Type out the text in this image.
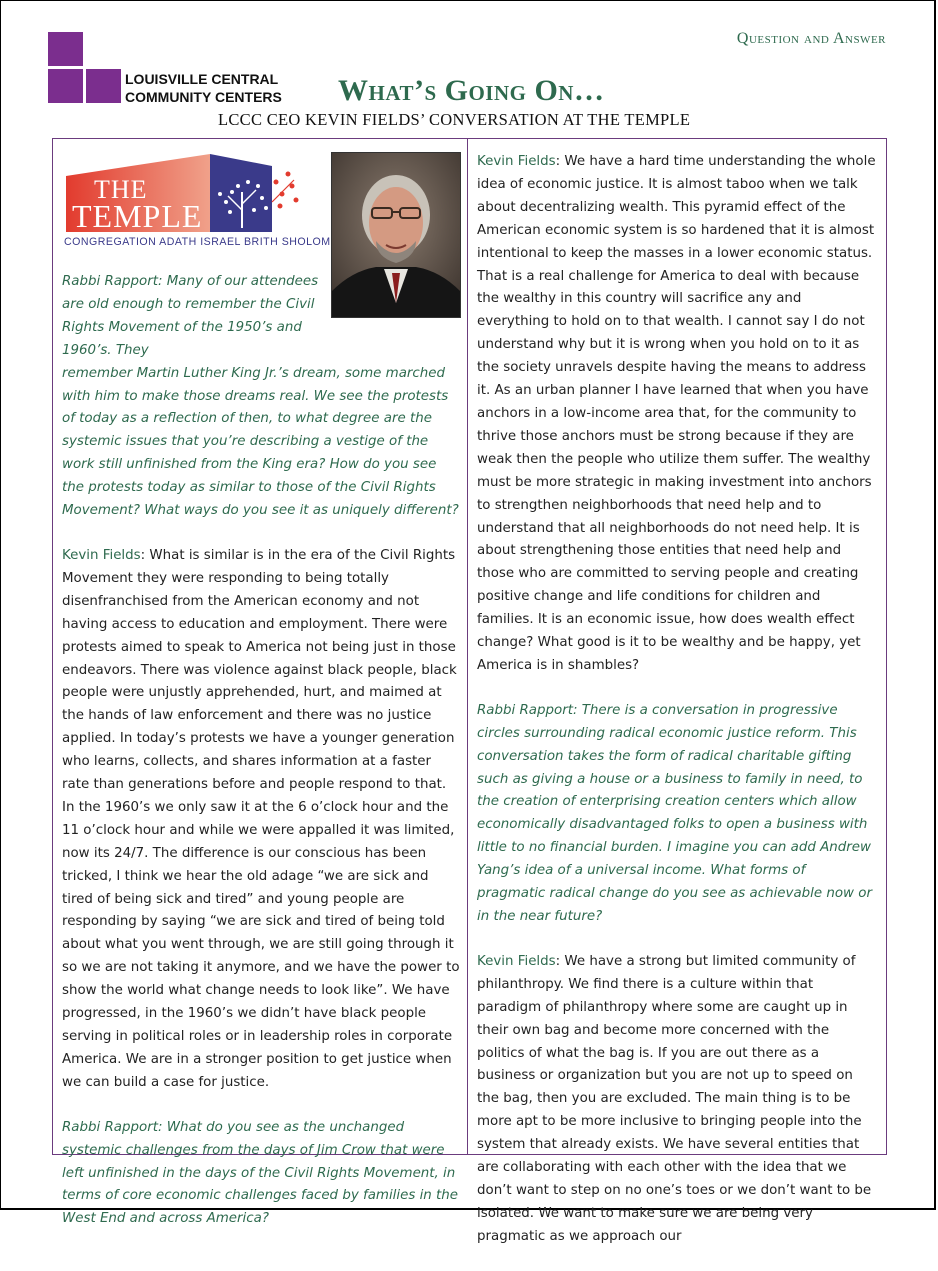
LOUISVILLE CENTRAL
COMMUNITY CENTERS
Question and Answer
What’s Going On…
LCCC CEO KEVIN FIELDS’ CONVERSATION AT THE TEMPLE
THE
TEMPLE
CONGREGATION ADATH ISRAEL BRITH SHOLOM

Rabbi Rapport: Many of our attendees are old enough to remember the Civil Rights Movement of the 1950’s and 1960’s. They
remember Martin Luther King Jr.’s dream, some marched with him to make those dreams real. We see the protests of today as a reflection of then, to what degree are the systemic issues that you’re describing a vestige of the work still unfinished from the King era? How do you see the protests today as similar to those of the Civil Rights Movement? What ways do you see it as uniquely different?

Kevin Fields: What is similar is in the era of the Civil Rights Movement they were responding to being totally disenfranchised from the American economy and not having access to education and employment. There were protests aimed to speak to America not being just in those endeavors. There was violence against black people, black people were unjustly apprehended, hurt, and maimed at the hands of law enforcement and there was no justice applied. In today’s protests we have a younger generation who learns, collects, and shares information at a faster rate than generations before and people respond to that. In the 1960’s we only saw it at the 6 o’clock hour and the 11 o’clock hour and while we were appalled it was limited, now its 24/7. The difference is our conscious has been tricked, I think we hear the old adage “we are sick and tired of being sick and tired” and young people are responding by saying “we are sick and tired of being told about what you went through, we are still going through it so we are not taking it anymore, and we have the power to show the world what change needs to look like”. We have progressed, in the 1960’s we didn’t have black people serving in political roles or in leadership roles in corporate America. We are in a stronger position to get justice when we can build a case for justice.

Rabbi Rapport: What do you see as the unchanged systemic challenges from the days of Jim Crow that were left unfinished in the days of the Civil Rights Movement, in terms of core economic challenges faced by families in the West End and across America?

Kevin Fields: We have a hard time understanding the whole idea of economic justice. It is almost taboo when we talk about decentralizing wealth. This pyramid effect of the American economic system is so hardened that it is almost intentional to keep the masses in a lower economic status. That is a real challenge for America to deal with because the wealthy in this country will sacrifice any and everything to hold on to that wealth. I cannot say I do not understand why but it is wrong when you hold on to it as the society unravels despite having the means to address it. As an urban planner I have learned that when you have anchors in a low-income area that, for the community to thrive those anchors must be strong because if they are weak then the people who utilize them suffer. The wealthy must be more strategic in making investment into anchors to strengthen neighborhoods that need help and to understand that all neighborhoods do not need help. It is about strengthening those entities that need help and those who are committed to serving people and creating positive change and life conditions for children and families. It is an economic issue, how does wealth effect change? What good is it to be wealthy and be happy, yet America is in shambles?

Rabbi Rapport: There is a conversation in progressive circles surrounding radical economic justice reform. This conversation takes the form of radical charitable gifting such as giving a house or a business to family in need, to the creation of enterprising creation centers which allow economically disadvantaged folks to open a business with little to no financial burden. I imagine you can add Andrew Yang’s idea of a universal income. What forms of pragmatic radical change do you see as achievable now or in the near future?

Kevin Fields: We have a strong but limited community of philanthropy. We find there is a culture within that paradigm of philanthropy where some are caught up in their own bag and become more concerned with the politics of what the bag is. If you are out there as a business or organization but you are not up to speed on the bag, then you are excluded. The main thing is to be more apt to be more inclusive to bringing people into the system that already exists. We have several entities that are collaborating with each other with the idea that we don’t want to step on no one’s toes or we don’t want to be isolated. We want to make sure we are being very pragmatic as we approach our
